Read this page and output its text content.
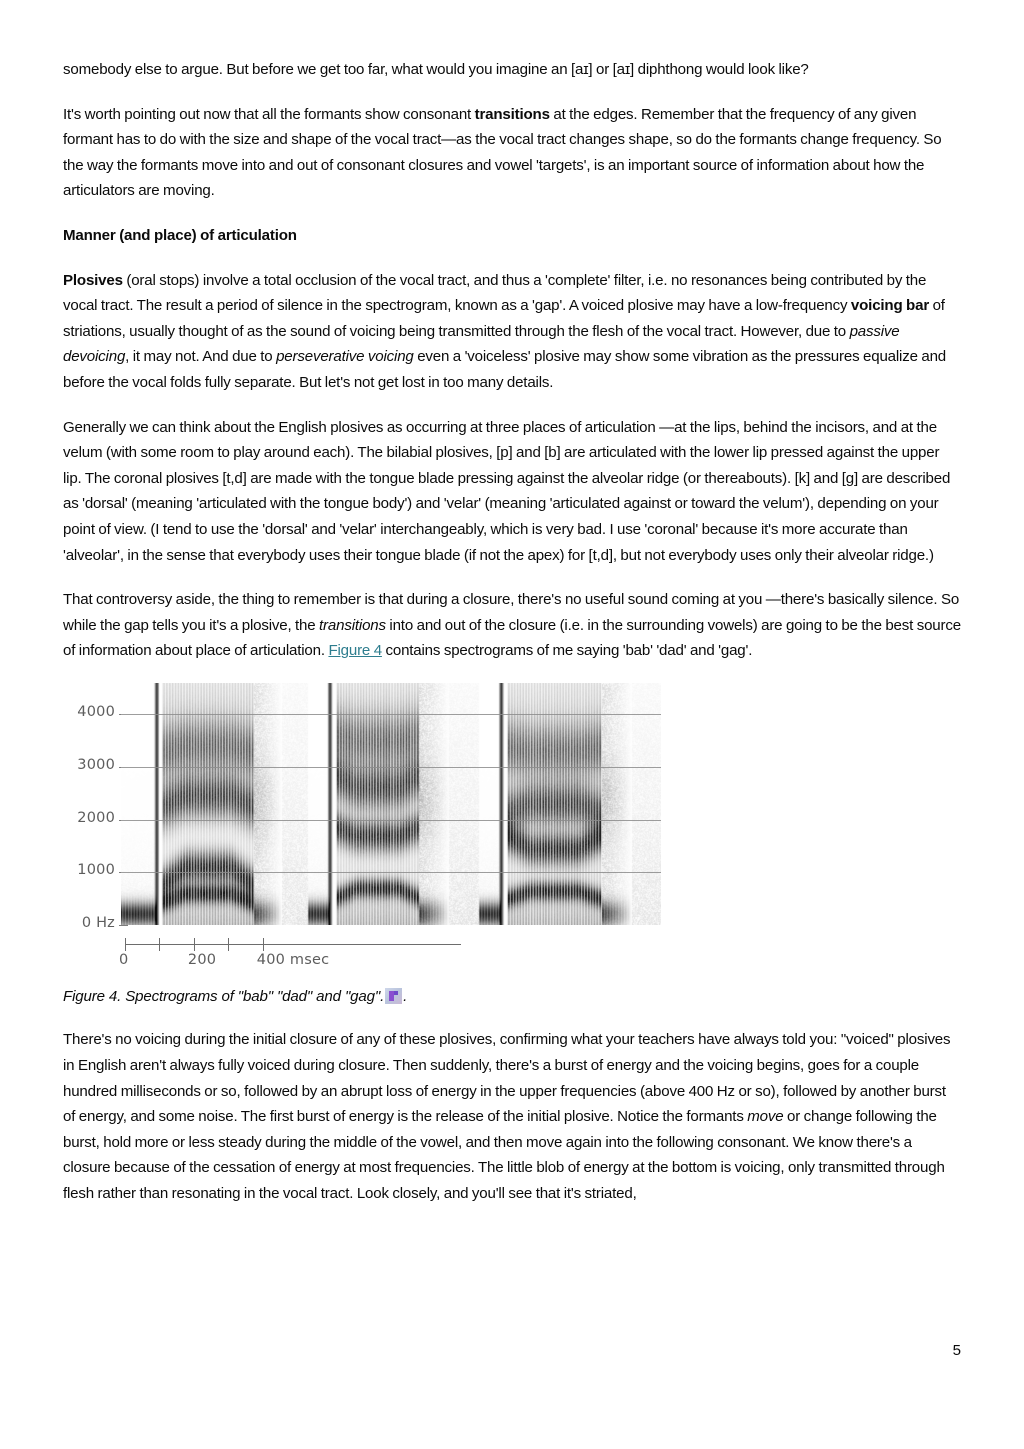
somebody else to argue. But before we get too far, what would you imagine an [aɪ] or [aɪ] diphthong would look like?

It's worth pointing out now that all the formants show consonant transitions at the edges. Remember that the frequency of any given formant has to do with the size and shape of the vocal tract—as the vocal tract changes shape, so do the formants change frequency. So the way the formants move into and out of consonant closures and vowel 'targets', is an important source of information about how the articulators are moving.

Manner (and place) of articulation

Plosives (oral stops) involve a total occlusion of the vocal tract, and thus a 'complete' filter, i.e. no resonances being contributed by the vocal tract. The result a period of silence in the spectrogram, known as a 'gap'. A voiced plosive may have a low-frequency voicing bar of striations, usually thought of as the sound of voicing being transmitted through the flesh of the vocal tract. However, due to passive devoicing, it may not. And due to perseverative voicing even a 'voiceless' plosive may show some vibration as the pressures equalize and before the vocal folds fully separate. But let's not get lost in too many details.

Generally we can think about the English plosives as occurring at three places of articulation —at the lips, behind the incisors, and at the velum (with some room to play around each). The bilabial plosives, [p] and [b] are articulated with the lower lip pressed against the upper lip. The coronal plosives [t,d] are made with the tongue blade pressing against the alveolar ridge (or thereabouts). [k] and [g] are described as 'dorsal' (meaning 'articulated with the tongue body') and 'velar' (meaning 'articulated against or toward the velum'), depending on your point of view. (I tend to use the 'dorsal' and 'velar' interchangeably, which is very bad. I use 'coronal' because it's more accurate than 'alveolar', in the sense that everybody uses their tongue blade (if not the apex) for [t,d], but not everybody uses only their alveolar ridge.)

That controversy aside, the thing to remember is that during a closure, there's no useful sound coming at you —there's basically silence. So while the gap tells you it's a plosive, the transitions into and out of the closure (i.e. in the surrounding vowels) are going to be the best source of information about place of articulation. Figure 4 contains spectrograms of me saying 'bab' 'dad' and 'gag'.

0 Hz
1000
2000
3000
4000
0	200	400 msec

Figure 4. Spectrograms of "bab" "dad" and "gag". .

There's no voicing during the initial closure of any of these plosives, confirming what your teachers have always told you: "voiced" plosives in English aren't always fully voiced during closure. Then suddenly, there's a burst of energy and the voicing begins, goes for a couple hundred milliseconds or so, followed by an abrupt loss of energy in the upper frequencies (above 400 Hz or so), followed by another burst of energy, and some noise. The first burst of energy is the release of the initial plosive. Notice the formants move or change following the burst, hold more or less steady during the middle of the vowel, and then move again into the following consonant. We know there's a closure because of the cessation of energy at most frequencies. The little blob of energy at the bottom is voicing, only transmitted through flesh rather than resonating in the vocal tract. Look closely, and you'll see that it's striated,

5
